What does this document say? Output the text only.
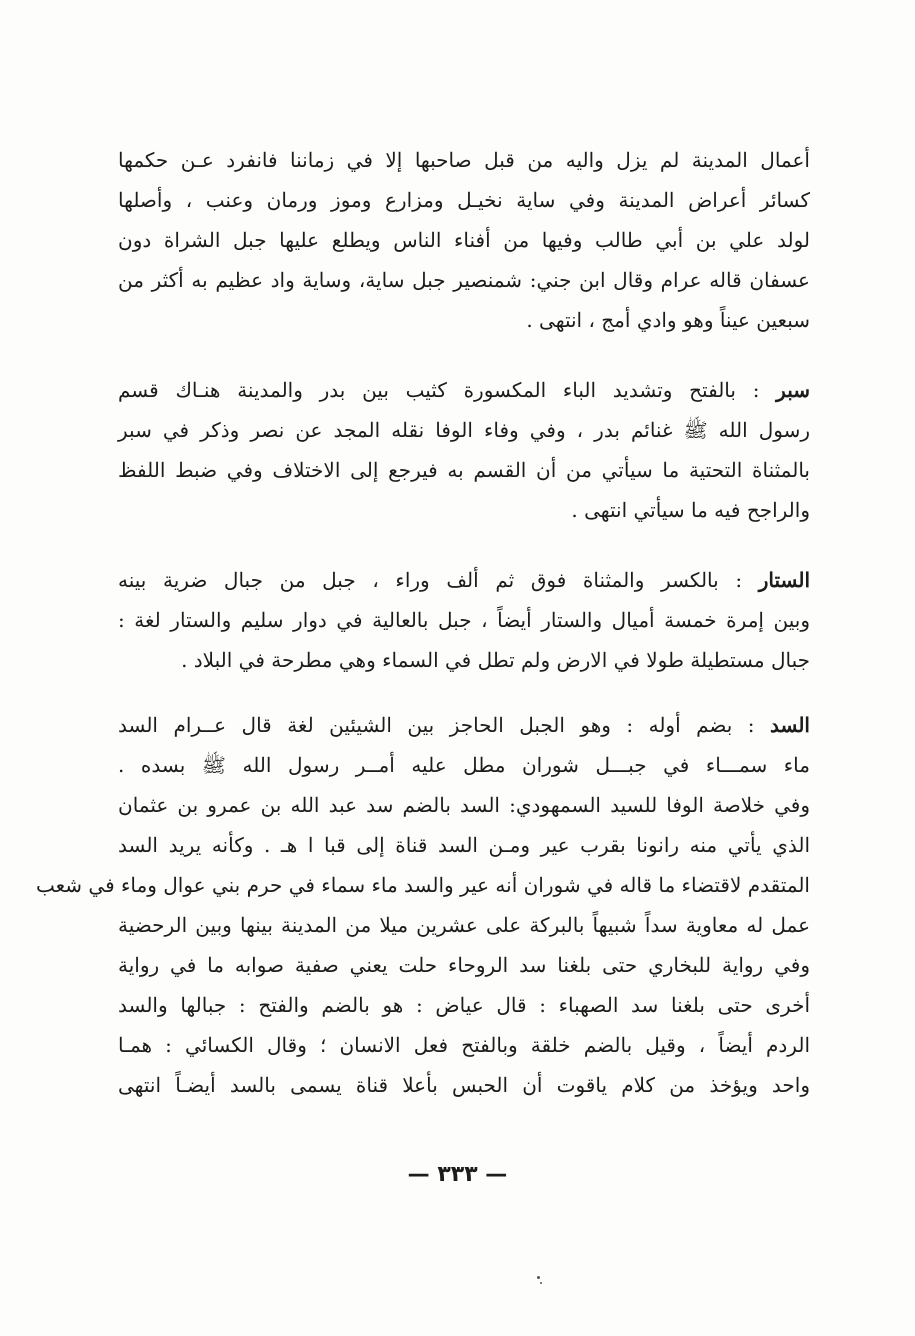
أعمال المدينة لم يزل واليه من قبل صاحبها إلا في زماننا فانفرد عـن حكمها
كسائر أعراض المدينة وفي ساية نخيـل ومزارع وموز ورمان وعنب ، وأصلها
لولد علي بن أبي طالب وفيها من أفناء الناس ويطلع عليها جبل الشراة دون
عسفان قاله عرام وقال ابن جني: شمنصير جبل ساية، وساية واد عظيم به أكثر من
سبعين عيناً وهو وادي أمج ، انتهى .
سبر : بالفتح وتشديد الباء المكسورة كثيب بين بدر والمدينة هنـاك قسم
رسول الله ﷺ غنائم بدر ، وفي وفاء الوفا نقله المجد عن نصر وذكر في سبر
بالمثناة التحتية ما سيأتي من أن القسم به فيرجع إلى الاختلاف وفي ضبط اللفظ
والراجح فيه ما سيأتي انتهى .
الستار : بالكسر والمثناة فوق ثم ألف وراء ، جبل من جبال ضرية بينه
وبين إمرة خمسة أميال والستار أيضاً ، جبل بالعالية في دوار سليم والستار لغة :
جبال مستطيلة طولا في الارض ولم تطل في السماء وهي مطرحة في البلاد .
السد : بضم أوله : وهو الجبل الحاجز بين الشيئين لغة قال عــرام السد
ماء سمـــاء في جبـــل شوران مطل عليه أمــر رسول الله ﷺ بسده .
وفي خلاصة الوفا للسيد السمهودي: السد بالضم سد عبد الله بن عمرو بن عثمان
الذي يأتي منه رانونا بقرب عير ومـن السد قناة إلى قبا ا هـ . وكأنه يريد السد
المتقدم لاقتضاء ما قاله في شوران أنه عير والسد ماء سماء في حرم بني عوال وماء في شعب
عمل له معاوية سداً شبيهاً بالبركة على عشرين ميلا من المدينة بينها وبين الرحضية
وفي رواية للبخاري حتى بلغنا سد الروحاء حلت يعني صفية صوابه ما في رواية
أخرى حتى بلغنا سد الصهباء : قال عياض : هو بالضم والفتح : جبالها والسد
الردم أيضاً ، وقيل بالضم خلقة وبالفتح فعل الانسان ؛ وقال الكسائي : همـا
واحد ويؤخذ من كلام ياقوت أن الحبس بأعلا قناة يسمى بالسد أيضـاً انتهى
— ٣٣٣ —
